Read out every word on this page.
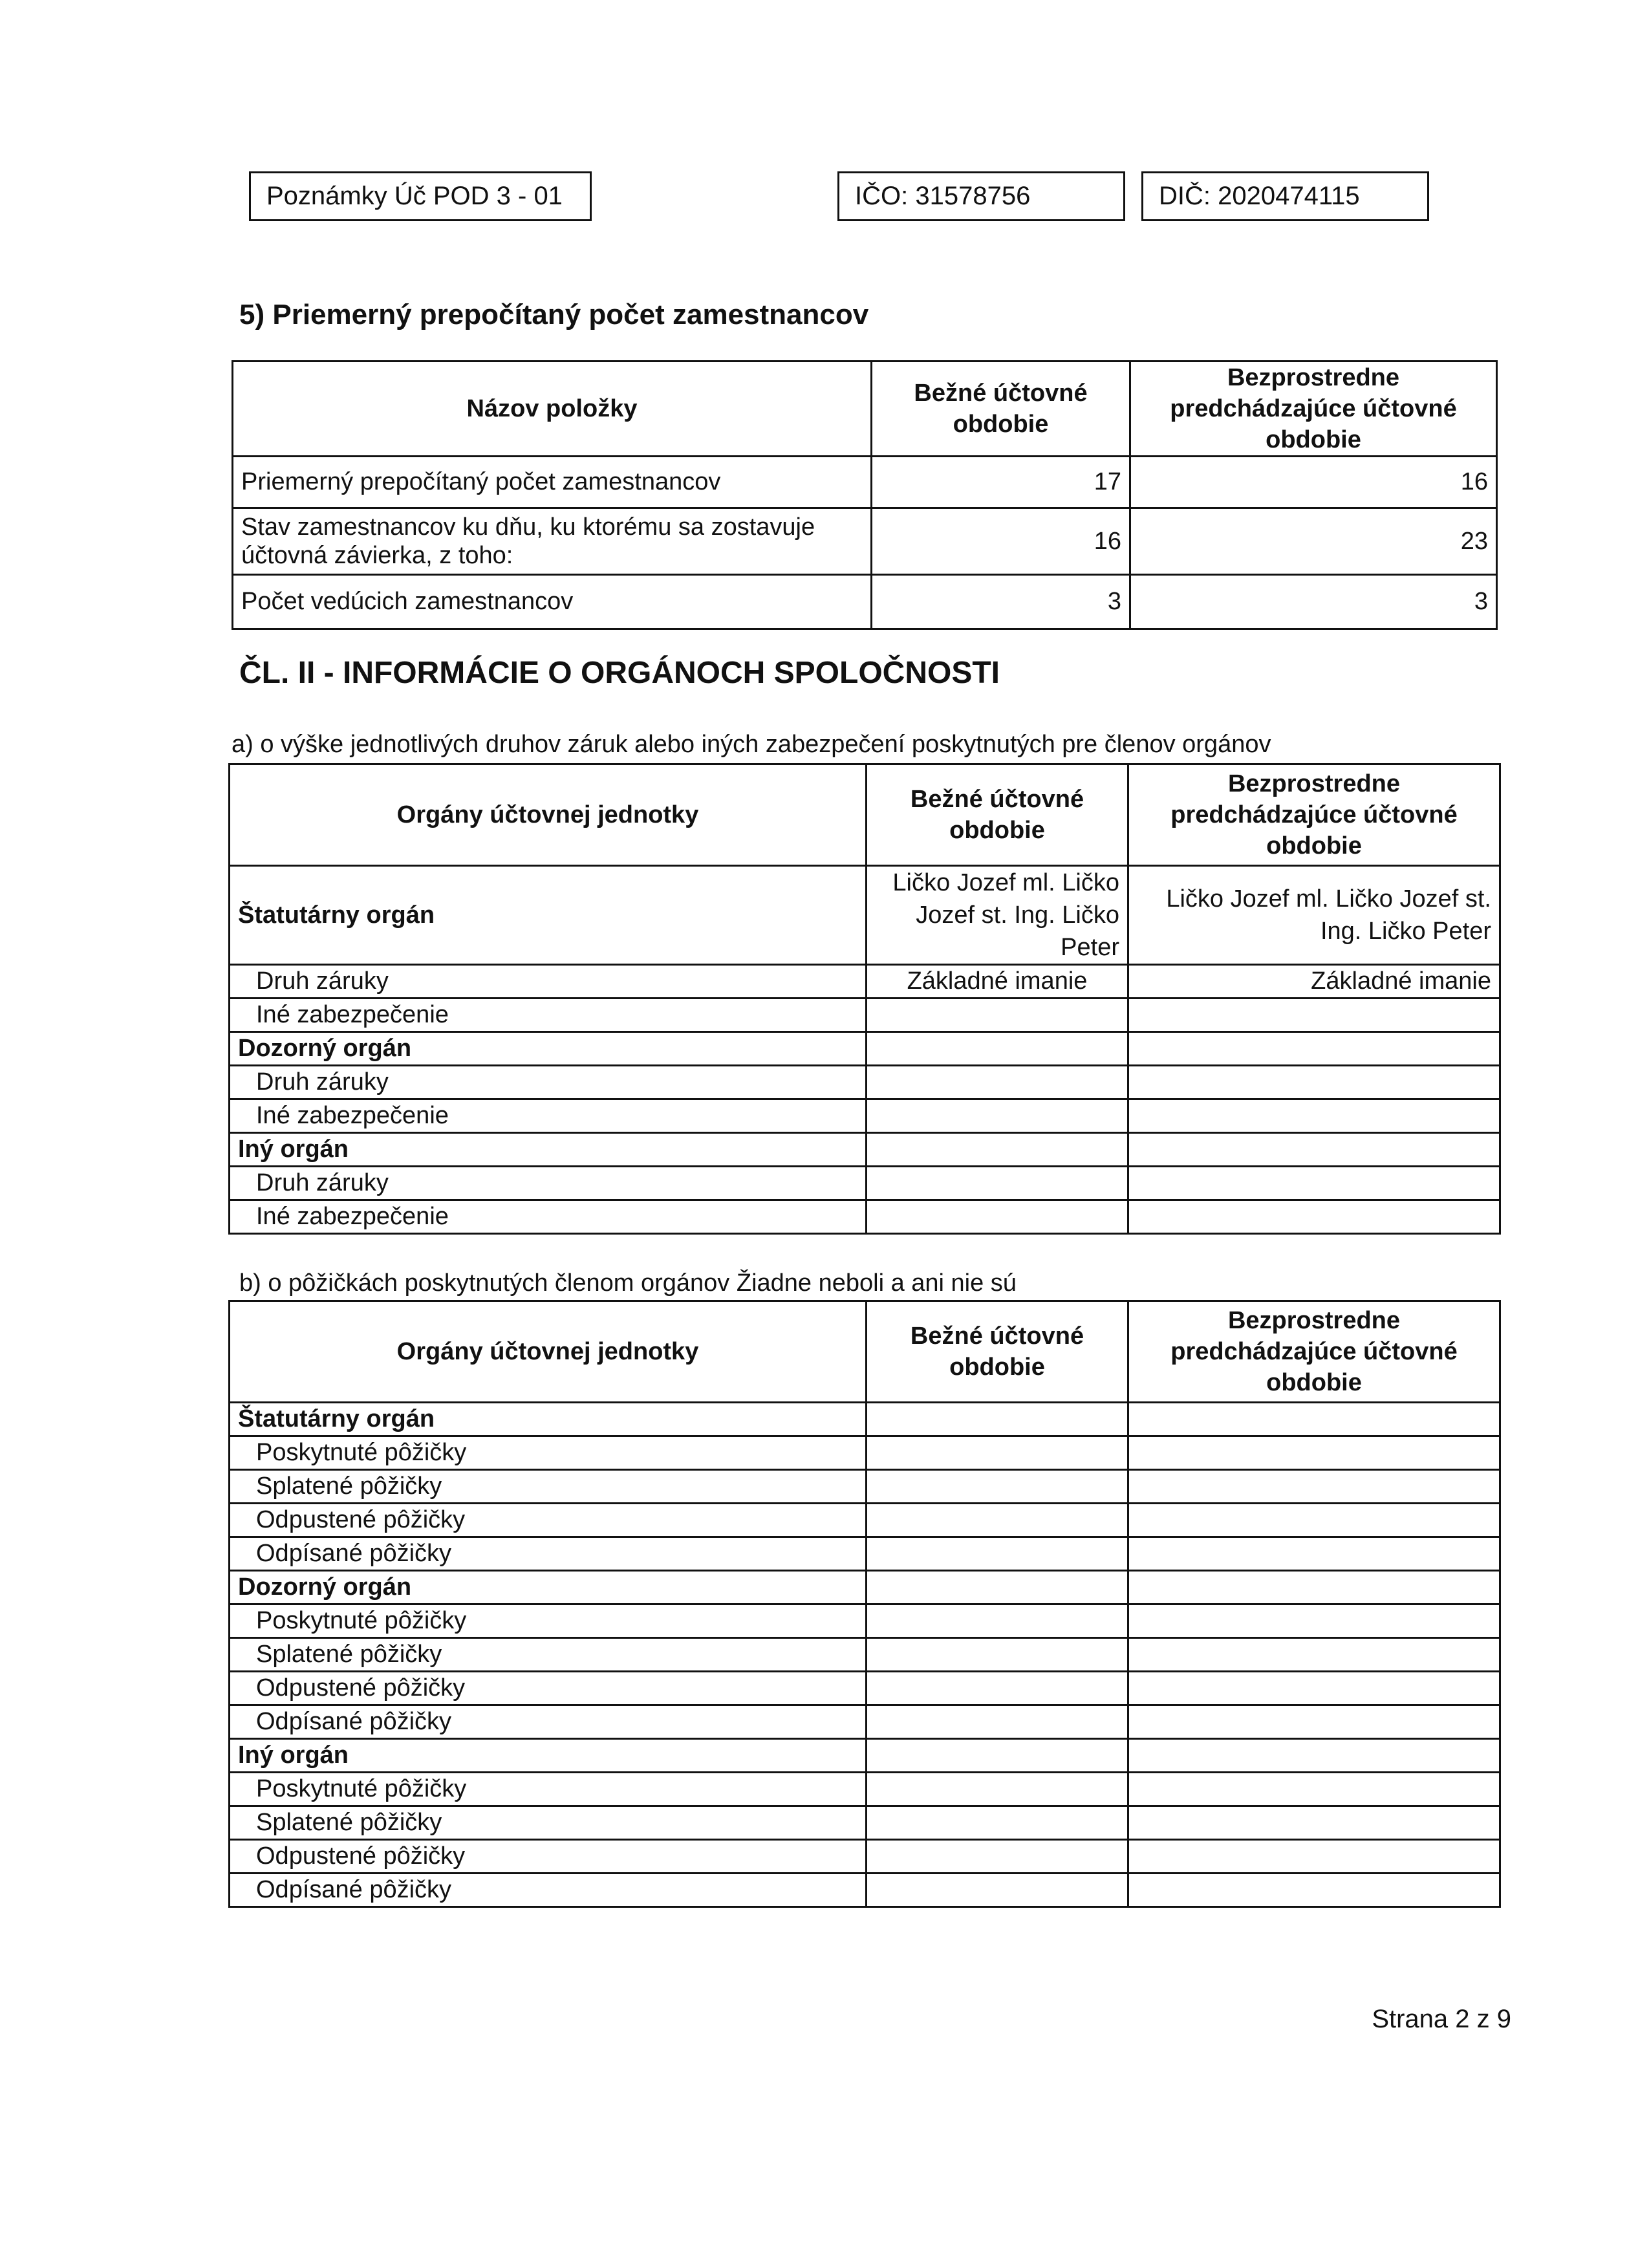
Poznámky Úč POD 3 - 01	IČO: 31578756	DIČ: 2020474115
5) Priemerný prepočítaný počet zamestnancov
Názov položky	Bežné účtovné obdobie	Bezprostredne predchádzajúce účtovné obdobie
Priemerný prepočítaný počet zamestnancov	17	16
Stav zamestnancov ku dňu, ku ktorému sa zostavuje účtovná závierka, z toho:	16	23
Počet vedúcich zamestnancov	3	3
ČL. II - INFORMÁCIE O ORGÁNOCH SPOLOČNOSTI
a) o výške jednotlivých druhov záruk alebo iných zabezpečení poskytnutých pre členov orgánov
Orgány účtovnej jednotky	Bežné účtovné obdobie	Bezprostredne predchádzajúce účtovné obdobie
Štatutárny orgán	Ličko Jozef ml. Ličko Jozef st. Ing. Ličko Peter	Ličko Jozef ml. Ličko Jozef st. Ing. Ličko Peter
Druh záruky	Základné imanie	Základné imanie
Iné zabezpečenie		
Dozorný orgán		
Druh záruky		
Iné zabezpečenie		
Iný orgán		
Druh záruky		
Iné zabezpečenie		
b) o pôžičkách poskytnutých členom orgánov Žiadne neboli a ani nie sú
Orgány účtovnej jednotky	Bežné účtovné obdobie	Bezprostredne predchádzajúce účtovné obdobie
Štatutárny orgán		
Poskytnuté pôžičky		
Splatené pôžičky		
Odpustené pôžičky		
Odpísané pôžičky		
Dozorný orgán		
Poskytnuté pôžičky		
Splatené pôžičky		
Odpustené pôžičky		
Odpísané pôžičky		
Iný orgán		
Poskytnuté pôžičky		
Splatené pôžičky		
Odpustené pôžičky		
Odpísané pôžičky		
Strana 2 z 9
